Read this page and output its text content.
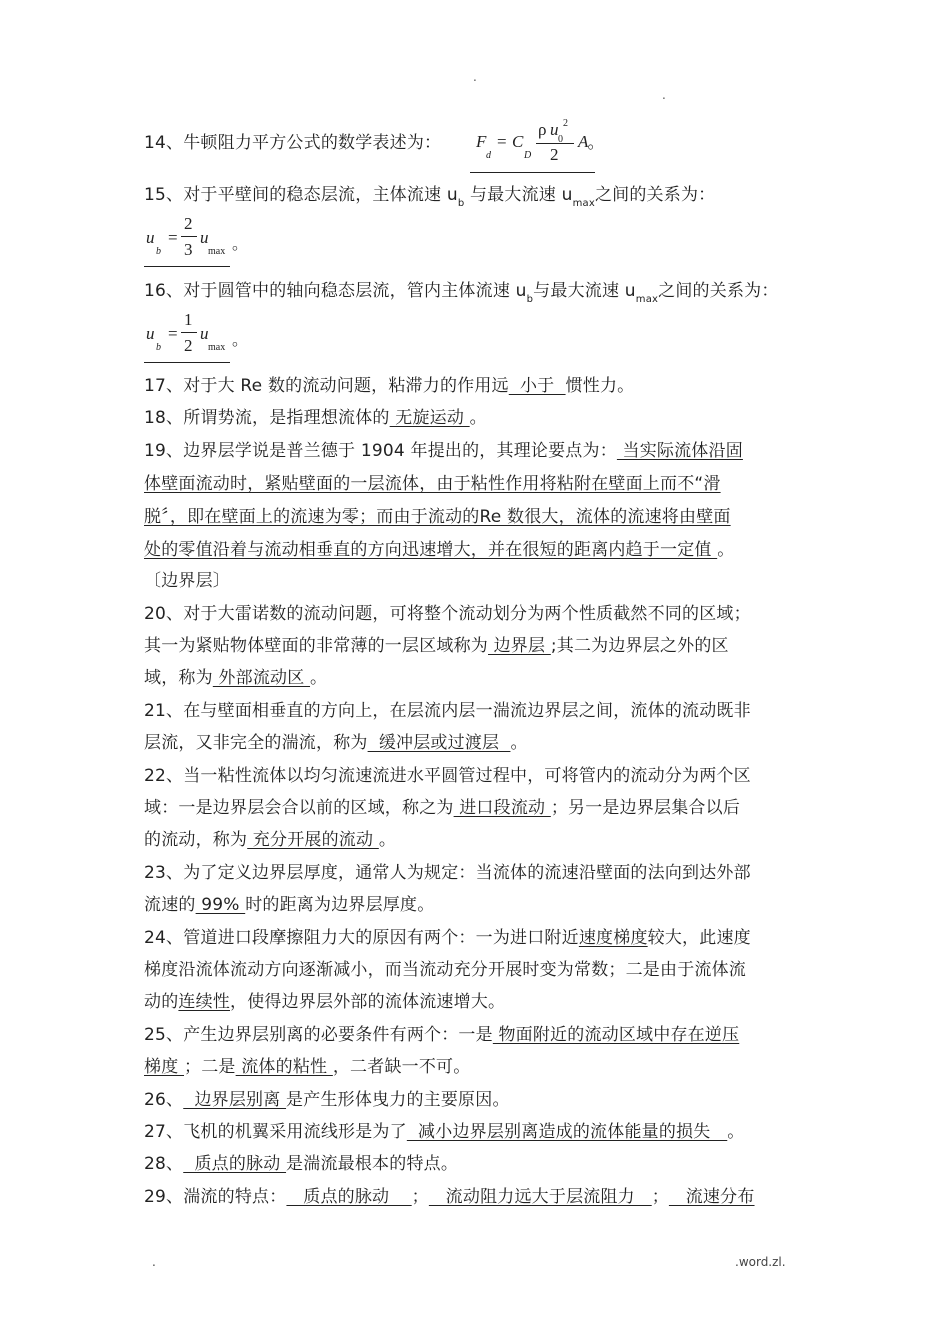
.
.
14、牛顿阻力平方公式的数学表述为：	。
F
d
= C
D
ρ u 2
0
2
A
15、对于平壁间的稳态层流，主体流速 $u_b$ 与最大流速 $u_{max}$之间的关系为：
u
b
=
2
3
u
max 。
16、对于圆管中的轴向稳态层流，管内主体流速 $u_b$与最大流速 $u_{max}$之间的关系为：
u
b
=
1
2
u
max 。
17、对于大 Re 数的流动问题，粘滞力的作用远  小于  惯性力。
18、所谓势流，是指理想流体的 无旋运动 。
19、边界层学说是普兰德于 1904 年提出的，其理论要点为： 当实际流体沿固
体壁面流动时，紧贴壁面的一层流体，由于粘性作用将粘附在壁面上而不“滑
脱〞，即在壁面上的流速为零；而由于流动的Re 数很大，流体的流速将由壁面
处的零值沿着与流动相垂直的方向迅速增大，并在很短的距离内趋于一定值 。
〔边界层〕
20、对于大雷诺数的流动问题，可将整个流动划分为两个性质截然不同的区域；
其一为紧贴物体壁面的非常薄的一层区域称为 边界层 ;其二为边界层之外的区
域，称为 外部流动区 。
21、在与壁面相垂直的方向上，在层流内层一湍流边界层之间，流体的流动既非
层流，又非完全的湍流，称为  缓冲层或过渡层  。
22、当一粘性流体以均匀流速流进水平圆管过程中，可将管内的流动分为两个区
域：一是边界层会合以前的区域，称之为 进口段流动 ；另一是边界层集合以后
的流动，称为 充分开展的流动 。
23、为了定义边界层厚度，通常人为规定：当流体的流速沿壁面的法向到达外部
流速的 99% 时的距离为边界层厚度。
24、管道进口段摩擦阻力大的原因有两个：一为进口附近速度梯度较大，此速度
梯度沿流体流动方向逐渐减小，而当流动充分开展时变为常数；二是由于流体流
动的连续性，使得边界层外部的流体流速增大。
25、产生边界层别离的必要条件有两个：一是 物面附近的流动区域中存在逆压
梯度 ；二是 流体的粘性 ，二者缺一不可。
26、  边界层别离 是产生形体曳力的主要原因。
27、飞机的机翼采用流线形是为了  减小边界层别离造成的流体能量的损失   。
28、  质点的脉动 是湍流最根本的特点。
29、湍流的特点：   质点的脉动    ；   流动阻力远大于层流阻力   ；   流速分布
.	.word.zl.
